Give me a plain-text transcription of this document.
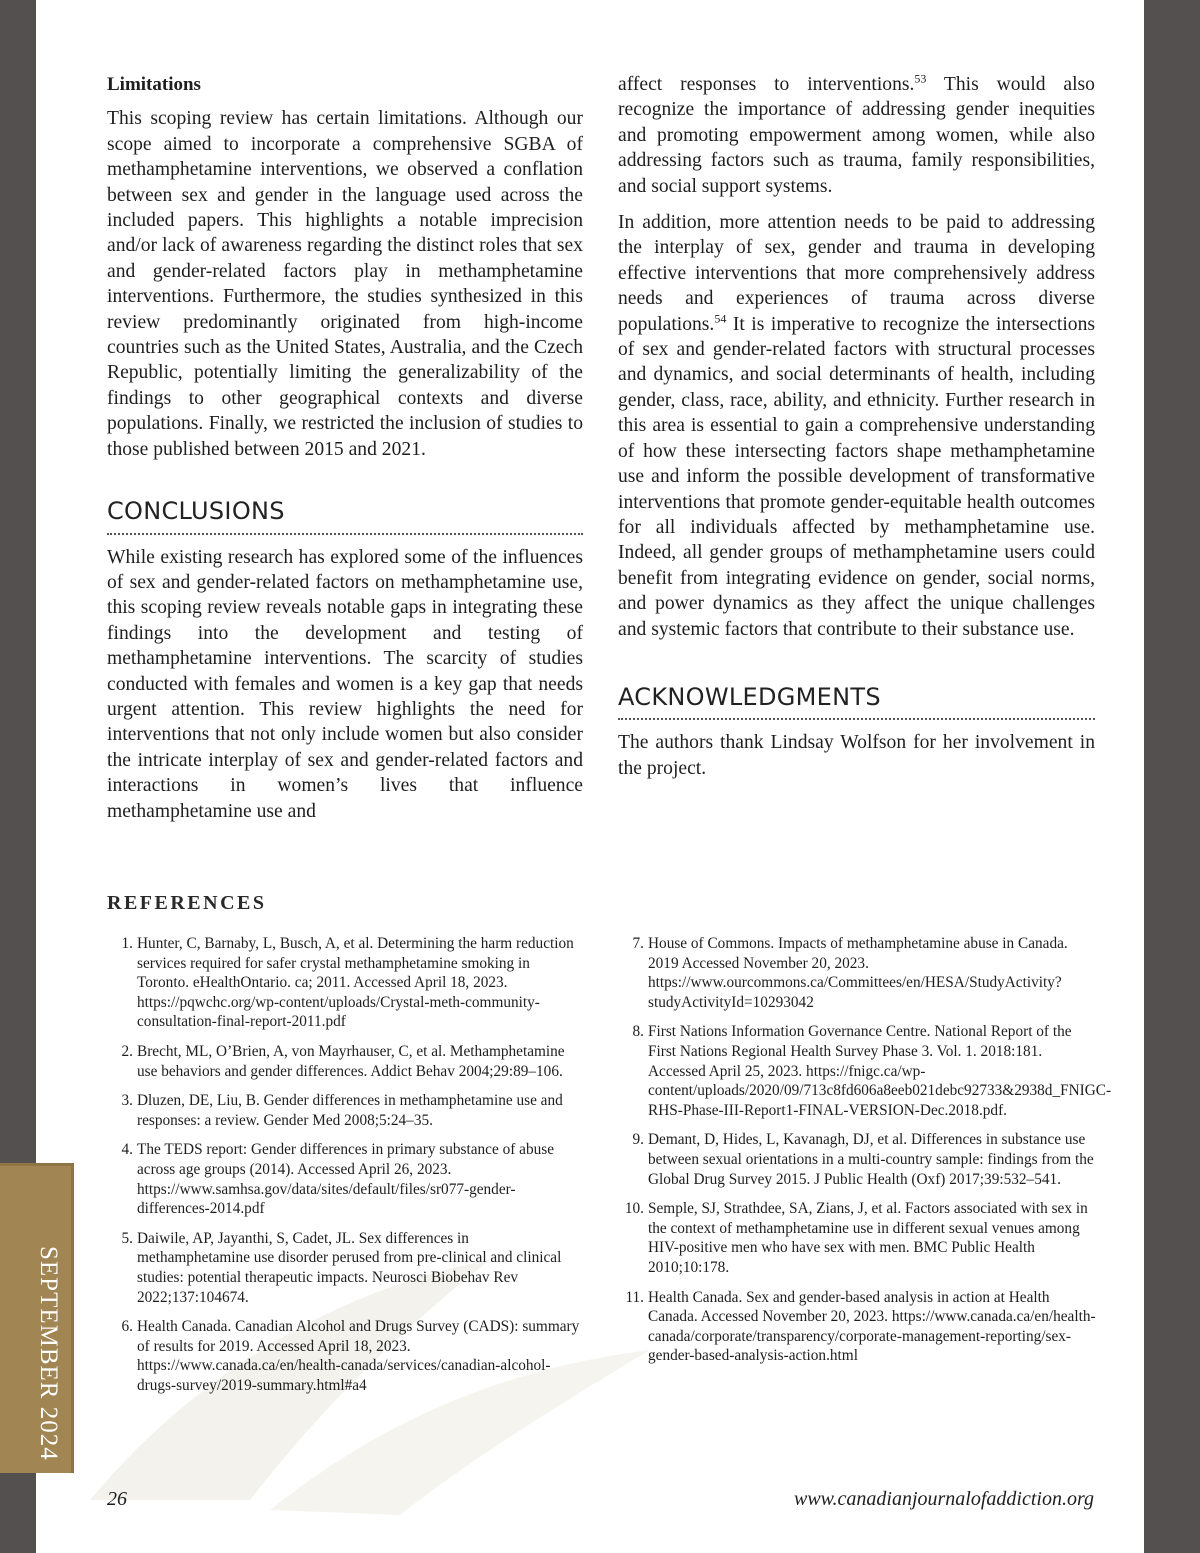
SEPTEMBER 2024
Limitations

This scoping review has certain limitations. Although our scope aimed to incorporate a comprehensive SGBA of methamphetamine interventions, we observed a conflation between sex and gender in the language used across the included papers. This highlights a notable imprecision and/or lack of awareness regarding the distinct roles that sex and gender-related factors play in methamphetamine interventions. Furthermore, the studies synthesized in this review predominantly originated from high-income countries such as the United States, Australia, and the Czech Republic, potentially limiting the generalizability of the findings to other geographical contexts and diverse populations. Finally, we restricted the inclusion of studies to those published between 2015 and 2021.

CONCLUSIONS

While existing research has explored some of the influences of sex and gender-related factors on methamphetamine use, this scoping review reveals notable gaps in integrating these findings into the development and testing of methamphetamine interventions. The scarcity of studies conducted with females and women is a key gap that needs urgent attention. This review highlights the need for interventions that not only include women but also consider the intricate interplay of sex and gender-related factors and interactions in women’s lives that influence methamphetamine use and

affect responses to interventions.$^{53}$ This would also recognize the importance of addressing gender inequities and promoting empowerment among women, while also addressing factors such as trauma, family responsibilities, and social support systems.

In addition, more attention needs to be paid to addressing the interplay of sex, gender and trauma in developing effective interventions that more comprehensively address needs and experiences of trauma across diverse populations.$^{54}$ It is imperative to recognize the intersections of sex and gender-related factors with structural processes and dynamics, and social determinants of health, including gender, class, race, ability, and ethnicity. Further research in this area is essential to gain a comprehensive understanding of how these intersecting factors shape methamphetamine use and inform the possible development of transformative interventions that promote gender-equitable health outcomes for all individuals affected by methamphetamine use. Indeed, all gender groups of methamphetamine users could benefit from integrating evidence on gender, social norms, and power dynamics as they affect the unique challenges and systemic factors that contribute to their substance use.

ACKNOWLEDGMENTS

The authors thank Lindsay Wolfson for her involvement in the project.

REFERENCES
1. Hunter, C, Barnaby, L, Busch, A, et al. Determining the harm reduction services required for safer crystal methamphetamine smoking in Toronto. eHealthOntario. ca; 2011. Accessed April 18, 2023. https://pqwchc.org/wp-content/uploads/Crystal-meth-community-consultation-final-report-2011.pdf
2. Brecht, ML, O’Brien, A, von Mayrhauser, C, et al. Methamphetamine use behaviors and gender differences. Addict Behav 2004;29:89–106.
3. Dluzen, DE, Liu, B. Gender differences in methamphetamine use and responses: a review. Gender Med 2008;5:24–35.
4. The TEDS report: Gender differences in primary substance of abuse across age groups (2014). Accessed April 26, 2023. https://www.samhsa.gov/data/sites/default/files/sr077-gender-differences-2014.pdf
5. Daiwile, AP, Jayanthi, S, Cadet, JL. Sex differences in methamphetamine use disorder perused from pre-clinical and clinical studies: potential therapeutic impacts. Neurosci Biobehav Rev 2022;137:104674.
6. Health Canada. Canadian Alcohol and Drugs Survey (CADS): summary of results for 2019. Accessed April 18, 2023. https://www.canada.ca/en/health-canada/services/canadian-alcohol-drugs-survey/2019-summary.html#a4
7. House of Commons. Impacts of methamphetamine abuse in Canada. 2019 Accessed November 20, 2023. https://www.ourcommons.ca/Committees/en/HESA/StudyActivity?studyActivityId=10293042
8. First Nations Information Governance Centre. National Report of the First Nations Regional Health Survey Phase 3. Vol. 1. 2018:181. Accessed April 25, 2023. https://fnigc.ca/wp-content/uploads/2020/09/713c8fd606a8eeb021debc92733&2938d_FNIGC-RHS-Phase-III-Report1-FINAL-VERSION-Dec.2018.pdf.
9. Demant, D, Hides, L, Kavanagh, DJ, et al. Differences in substance use between sexual orientations in a multi-country sample: findings from the Global Drug Survey 2015. J Public Health (Oxf) 2017;39:532–541.
10. Semple, SJ, Strathdee, SA, Zians, J, et al. Factors associated with sex in the context of methamphetamine use in different sexual venues among HIV-positive men who have sex with men. BMC Public Health 2010;10:178.
11. Health Canada. Sex and gender-based analysis in action at Health Canada. Accessed November 20, 2023. https://www.canada.ca/en/health-canada/corporate/transparency/corporate-management-reporting/sex-gender-based-analysis-action.html
26	www.canadianjournalofaddiction.org
